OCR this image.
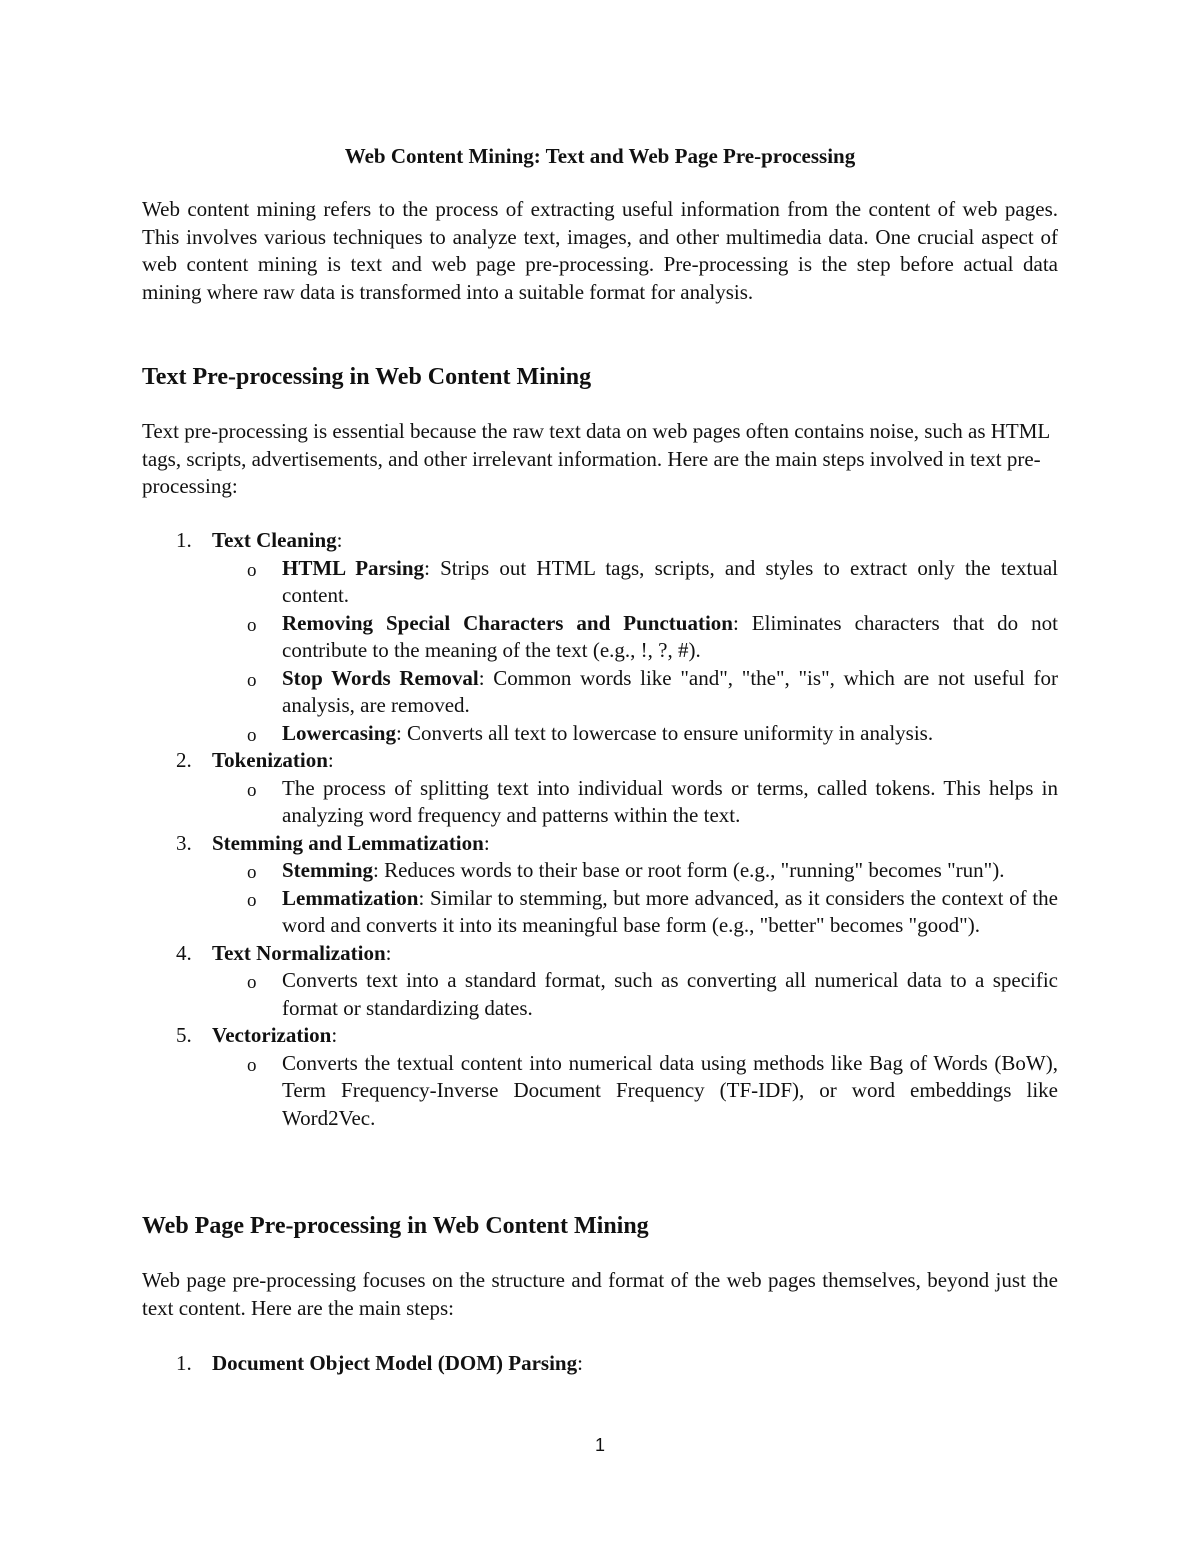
Web Content Mining: Text and Web Page Pre-processing

Web content mining refers to the process of extracting useful information from the content of web pages. This involves various techniques to analyze text, images, and other multimedia data. One crucial aspect of web content mining is text and web page pre-processing. Pre-processing is the step before actual data mining where raw data is transformed into a suitable format for analysis.

Text Pre-processing in Web Content Mining

Text pre-processing is essential because the raw text data on web pages often contains noise, such as HTML tags, scripts, advertisements, and other irrelevant information. Here are the main steps involved in text pre-processing:

1. Text Cleaning:
o HTML Parsing: Strips out HTML tags, scripts, and styles to extract only the textual content.
o Removing Special Characters and Punctuation: Eliminates characters that do not contribute to the meaning of the text (e.g., !, ?, #).
o Stop Words Removal: Common words like "and", "the", "is", which are not useful for analysis, are removed.
o Lowercasing: Converts all text to lowercase to ensure uniformity in analysis.
2. Tokenization:
o The process of splitting text into individual words or terms, called tokens. This helps in analyzing word frequency and patterns within the text.
3. Stemming and Lemmatization:
o Stemming: Reduces words to their base or root form (e.g., "running" becomes "run").
o Lemmatization: Similar to stemming, but more advanced, as it considers the context of the word and converts it into its meaningful base form (e.g., "better" becomes "good").
4. Text Normalization:
o Converts text into a standard format, such as converting all numerical data to a specific format or standardizing dates.
5. Vectorization:
o Converts the textual content into numerical data using methods like Bag of Words (BoW), Term Frequency-Inverse Document Frequency (TF-IDF), or word embeddings like Word2Vec.
Web Page Pre-processing in Web Content Mining

Web page pre-processing focuses on the structure and format of the web pages themselves, beyond just the text content. Here are the main steps:

1. Document Object Model (DOM) Parsing:
1
